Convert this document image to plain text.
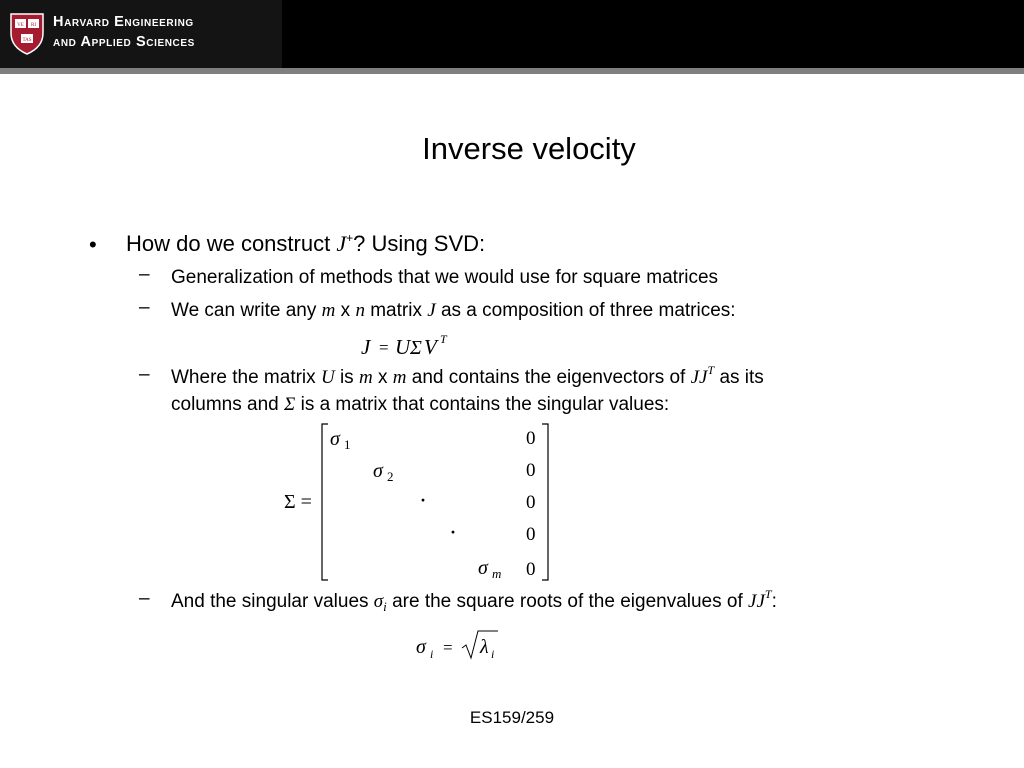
VE RI
TAS
Harvard Engineering
and Applied Sciences
Inverse velocity
• How do we construct J+? Using SVD:
– Generalization of methods that we would use for square matrices
– We can write any m x n matrix J as a composition of three matrices:
J = U Σ V T
– Where the matrix U is m x m and contains the eigenvectors of $JJ^T$ as its
columns and Σ is a matrix that contains the singular values:
Σ =
σ 1
σ 2
·
·
σ m
0
0
0
0
0
– And the singular values $\sigma_i$ are the square roots of the eigenvalues of $JJ^T$:
σ i = λ i
ES159/259
